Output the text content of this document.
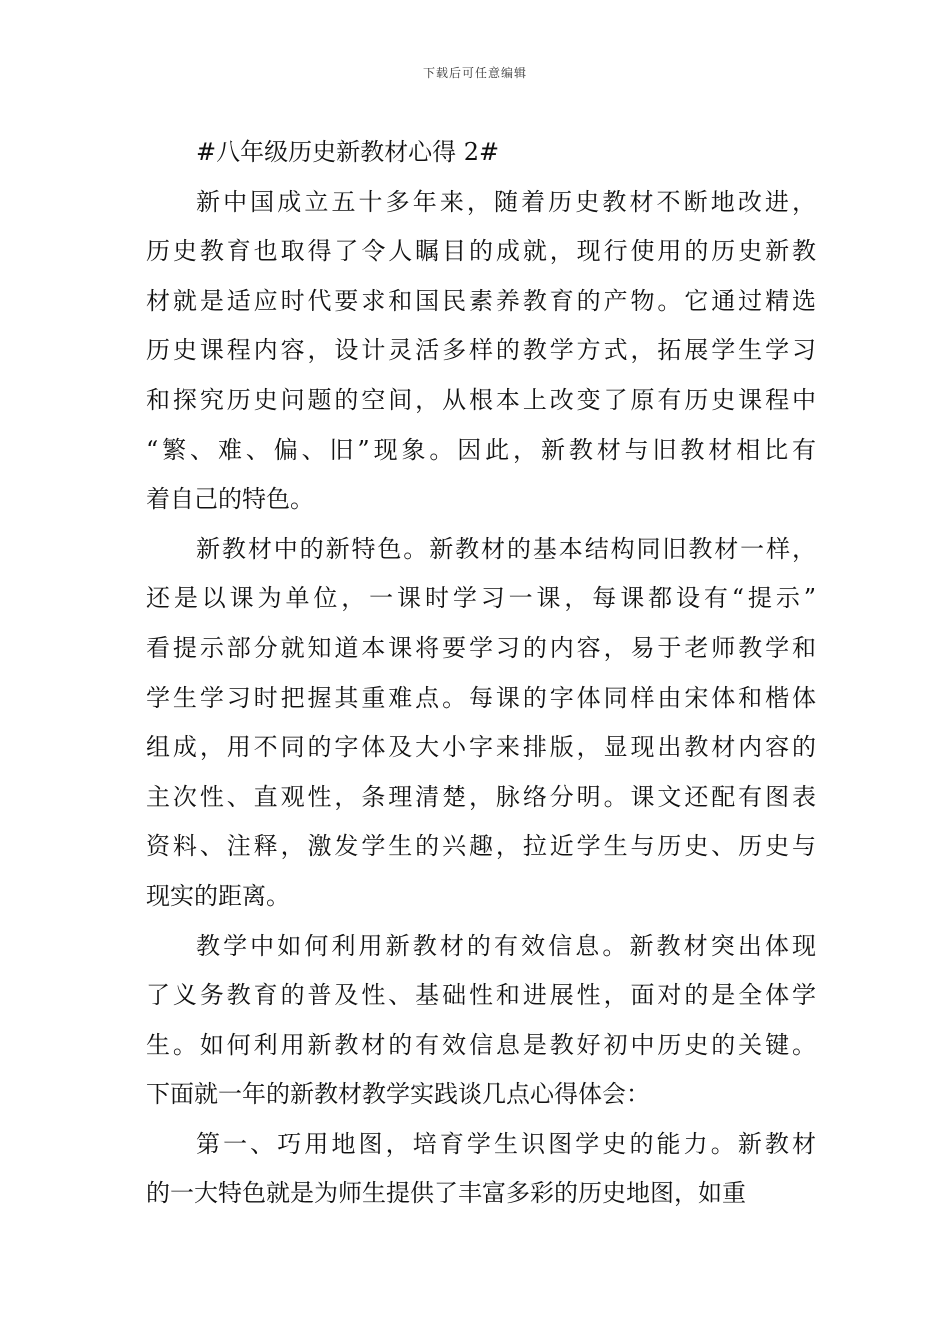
下载后可任意编辑

#八年级历史新教材心得 2#

新中国成立五十多年来，随着历史教材不断地改进，
历史教育也取得了令人瞩目的成就，现行使用的历史新教
材就是适应时代要求和国民素养教育的产物。它通过精选
历史课程内容，设计灵活多样的教学方式，拓展学生学习
和探究历史问题的空间，从根本上改变了原有历史课程中
“繁、难、偏、旧”现象。因此，新教材与旧教材相比有
着自己的特色。

新教材中的新特色。新教材的基本结构同旧教材一样，
还是以课为单位，一课时学习一课，每课都设有“提示”
看提示部分就知道本课将要学习的内容，易于老师教学和
学生学习时把握其重难点。每课的字体同样由宋体和楷体
组成，用不同的字体及大小字来排版，显现出教材内容的
主次性、直观性，条理清楚，脉络分明。课文还配有图表
资料、注释，激发学生的兴趣，拉近学生与历史、历史与
现实的距离。

教学中如何利用新教材的有效信息。新教材突出体现
了义务教育的普及性、基础性和进展性，面对的是全体学
生。如何利用新教材的有效信息是教好初中历史的关键。
下面就一年的新教材教学实践谈几点心得体会：

第一、巧用地图，培育学生识图学史的能力。新教材
的一大特色就是为师生提供了丰富多彩的历史地图，如重
